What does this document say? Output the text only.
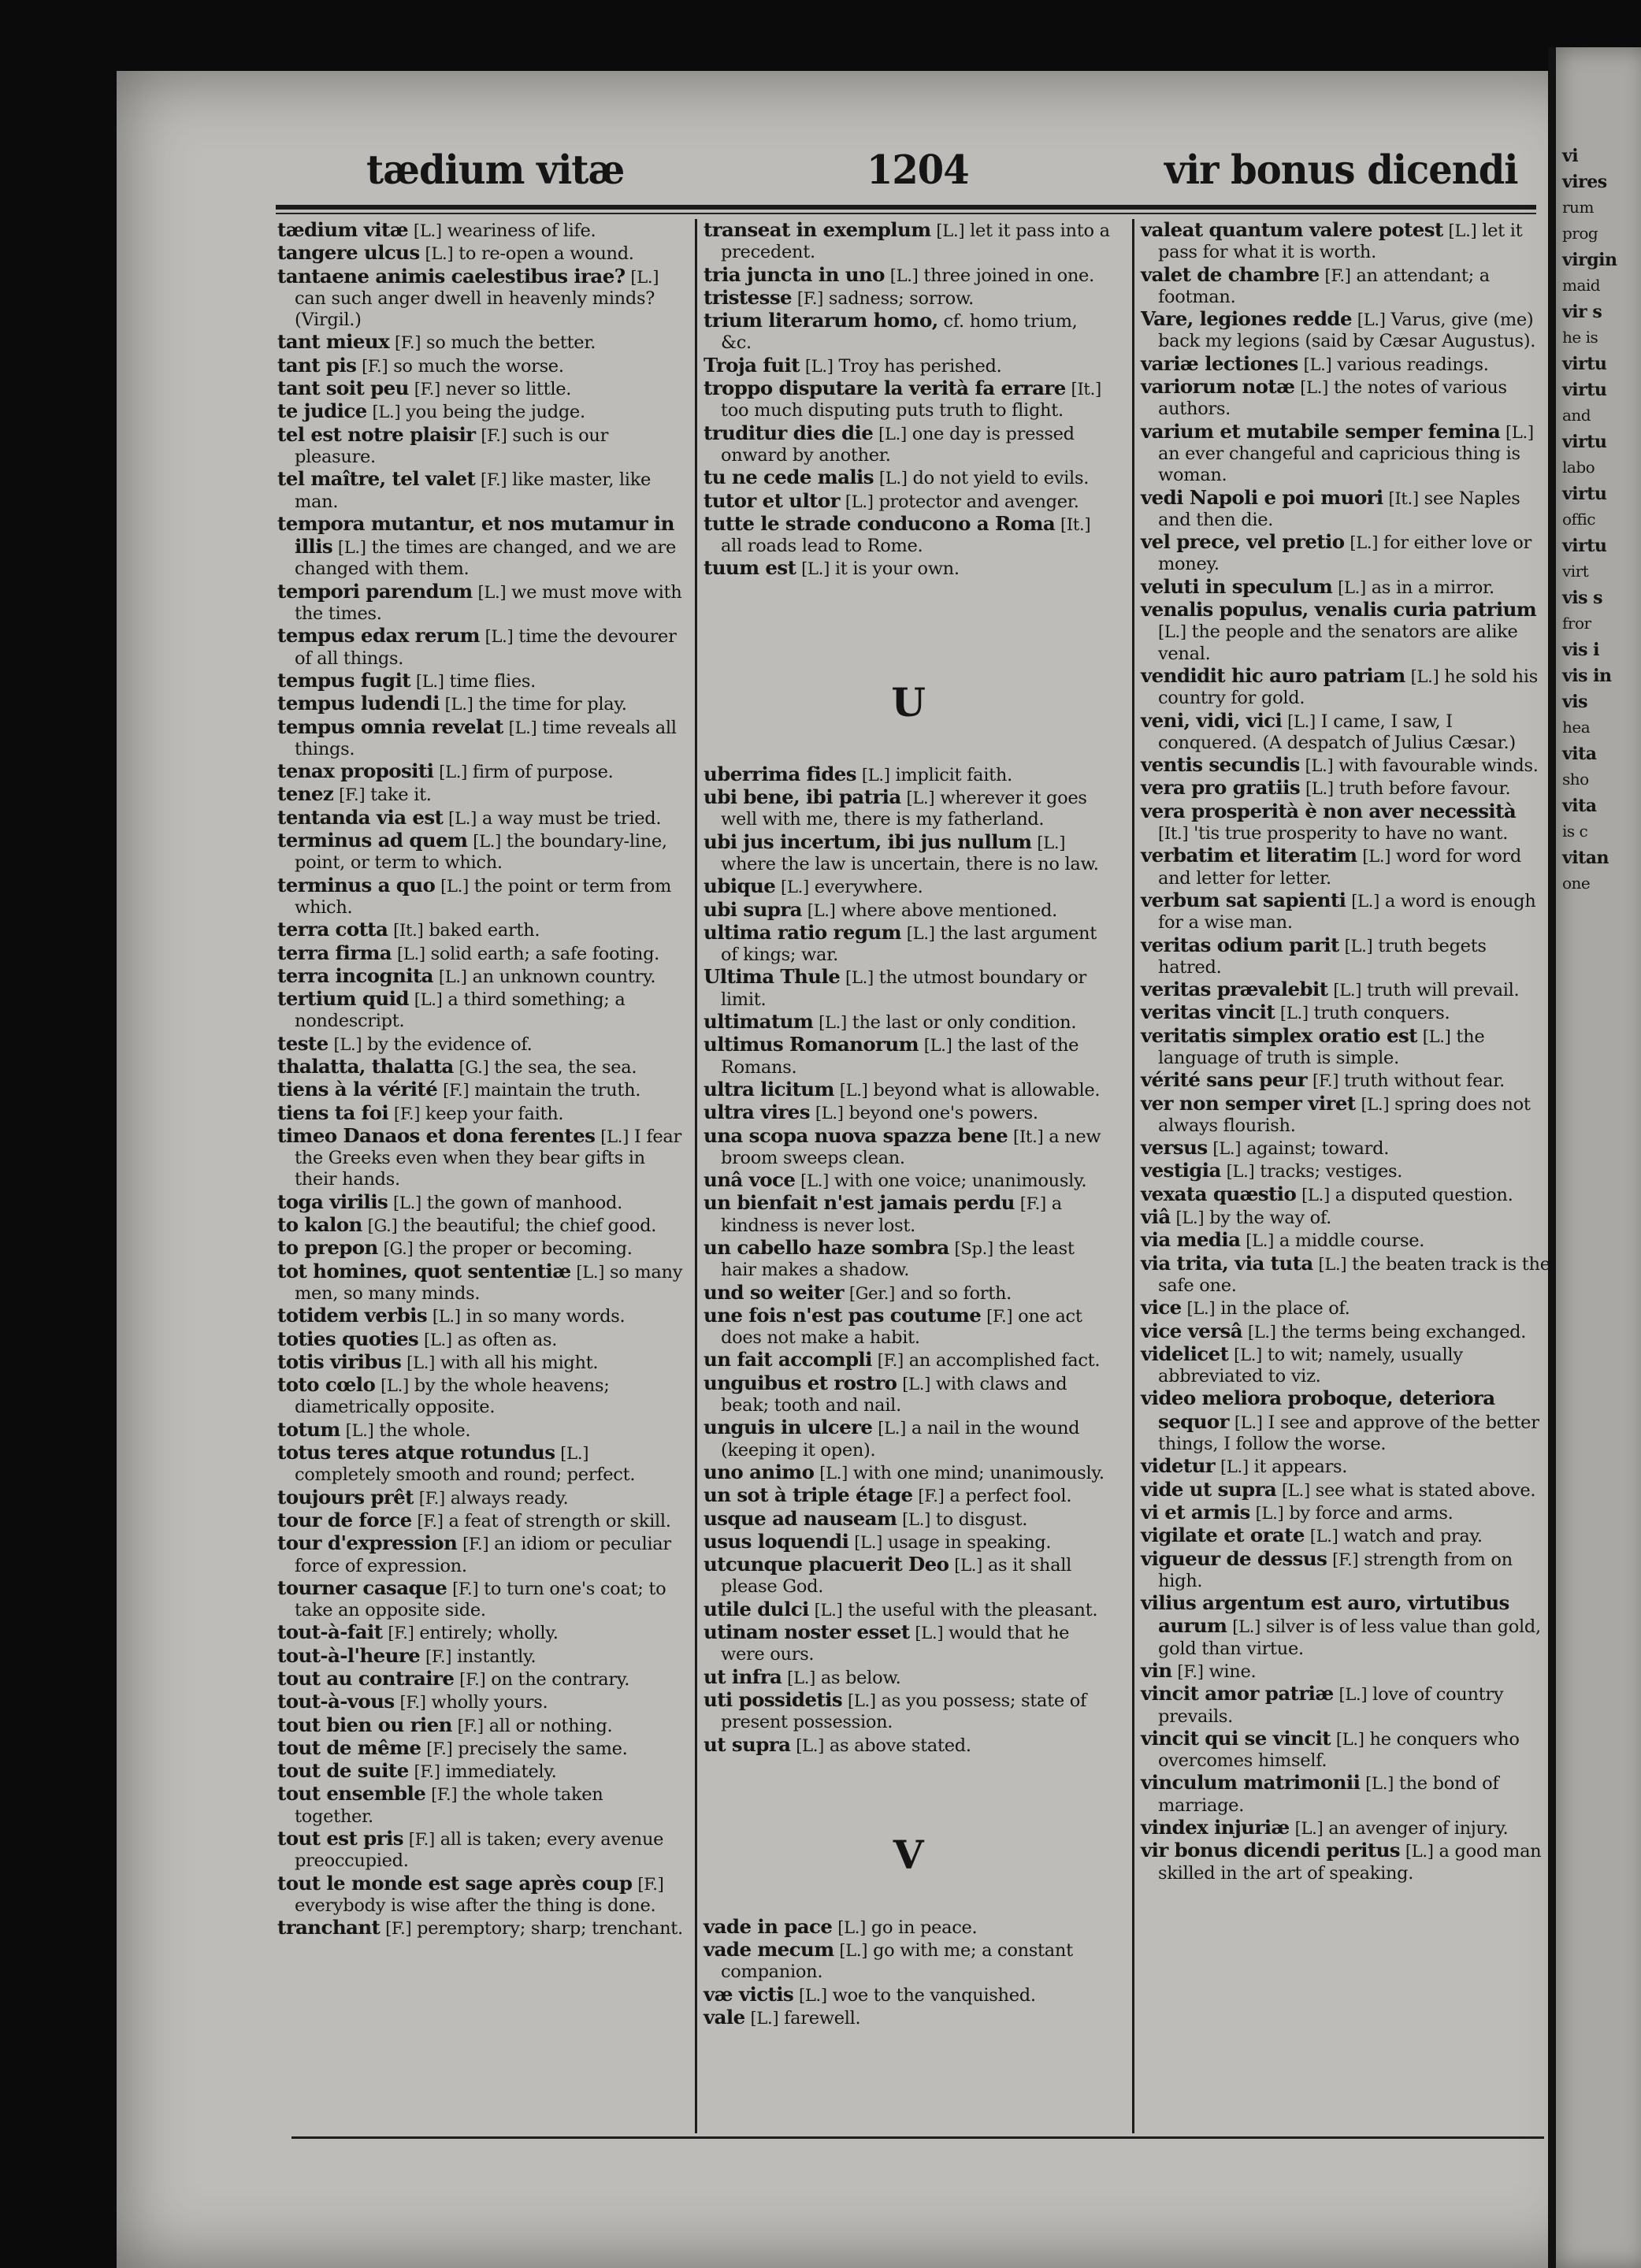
vi
vires
rum
prog
virgin
maid
vir s
he is
virtu
virtu
and
virtu
labo
virtu
offic
virtu
virt
vis s
fror
vis i
vis in
vis
hea
vita
sho
vita
is c
vitan
one
tædium vitæ	1204	vir bonus dicendi
tædium vitæ [L.] weariness of life.
tangere ulcus [L.] to re-open a wound.
tantaene animis caelestibus irae? [L.] can such anger dwell in heavenly minds? (Virgil.)
tant mieux [F.] so much the better.
tant pis [F.] so much the worse.
tant soit peu [F.] never so little.
te judice [L.] you being the judge.
tel est notre plaisir [F.] such is our pleasure.
tel maître, tel valet [F.] like master, like man.
tempora mutantur, et nos mutamur in illis [L.] the times are changed, and we are changed with them.
tempori parendum [L.] we must move with the times.
tempus edax rerum [L.] time the devourer of all things.
tempus fugit [L.] time flies.
tempus ludendi [L.] the time for play.
tempus omnia revelat [L.] time reveals all things.
tenax propositi [L.] firm of purpose.
tenez [F.] take it.
tentanda via est [L.] a way must be tried.
terminus ad quem [L.] the boundary-line, point, or term to which.
terminus a quo [L.] the point or term from which.
terra cotta [It.] baked earth.
terra firma [L.] solid earth; a safe footing.
terra incognita [L.] an unknown country.
tertium quid [L.] a third something; a nondescript.
teste [L.] by the evidence of.
thalatta, thalatta [G.] the sea, the sea.
tiens à la vérité [F.] maintain the truth.
tiens ta foi [F.] keep your faith.
timeo Danaos et dona ferentes [L.] I fear the Greeks even when they bear gifts in their hands.
toga virilis [L.] the gown of manhood.
to kalon [G.] the beautiful; the chief good.
to prepon [G.] the proper or becoming.
tot homines, quot sententiæ [L.] so many men, so many minds.
totidem verbis [L.] in so many words.
toties quoties [L.] as often as.
totis viribus [L.] with all his might.
toto cœlo [L.] by the whole heavens; diametrically opposite.
totum [L.] the whole.
totus teres atque rotundus [L.] completely smooth and round; perfect.
toujours prêt [F.] always ready.
tour de force [F.] a feat of strength or skill.
tour d'expression [F.] an idiom or peculiar force of expression.
tourner casaque [F.] to turn one's coat; to take an opposite side.
tout-à-fait [F.] entirely; wholly.
tout-à-l'heure [F.] instantly.
tout au contraire [F.] on the contrary.
tout-à-vous [F.] wholly yours.
tout bien ou rien [F.] all or nothing.
tout de même [F.] precisely the same.
tout de suite [F.] immediately.
tout ensemble [F.] the whole taken together.
tout est pris [F.] all is taken; every avenue preoccupied.
tout le monde est sage après coup [F.] everybody is wise after the thing is done.
tranchant [F.] peremptory; sharp; trenchant.
transeat in exemplum [L.] let it pass into a precedent.
tria juncta in uno [L.] three joined in one.
tristesse [F.] sadness; sorrow.
trium literarum homo, cf. homo trium, &c.
Troja fuit [L.] Troy has perished.
troppo disputare la verità fa errare [It.] too much disputing puts truth to flight.
truditur dies die [L.] one day is pressed onward by another.
tu ne cede malis [L.] do not yield to evils.
tutor et ultor [L.] protector and avenger.
tutte le strade conducono a Roma [It.] all roads lead to Rome.
tuum est [L.] it is your own.
U
uberrima fides [L.] implicit faith.
ubi bene, ibi patria [L.] wherever it goes well with me, there is my fatherland.
ubi jus incertum, ibi jus nullum [L.] where the law is uncertain, there is no law.
ubique [L.] everywhere.
ubi supra [L.] where above mentioned.
ultima ratio regum [L.] the last argument of kings; war.
Ultima Thule [L.] the utmost boundary or limit.
ultimatum [L.] the last or only condition.
ultimus Romanorum [L.] the last of the Romans.
ultra licitum [L.] beyond what is allowable.
ultra vires [L.] beyond one's powers.
una scopa nuova spazza bene [It.] a new broom sweeps clean.
unâ voce [L.] with one voice; unanimously.
un bienfait n'est jamais perdu [F.] a kindness is never lost.
un cabello haze sombra [Sp.] the least hair makes a shadow.
und so weiter [Ger.] and so forth.
une fois n'est pas coutume [F.] one act does not make a habit.
un fait accompli [F.] an accomplished fact.
unguibus et rostro [L.] with claws and beak; tooth and nail.
unguis in ulcere [L.] a nail in the wound (keeping it open).
uno animo [L.] with one mind; unanimously.
un sot à triple étage [F.] a perfect fool.
usque ad nauseam [L.] to disgust.
usus loquendi [L.] usage in speaking.
utcunque placuerit Deo [L.] as it shall please God.
utile dulci [L.] the useful with the pleasant.
utinam noster esset [L.] would that he were ours.
ut infra [L.] as below.
uti possidetis [L.] as you possess; state of present possession.
ut supra [L.] as above stated.
V
vade in pace [L.] go in peace.
vade mecum [L.] go with me; a constant companion.
væ victis [L.] woe to the vanquished.
vale [L.] farewell.
valeat quantum valere potest [L.] let it pass for what it is worth.
valet de chambre [F.] an attendant; a footman.
Vare, legiones redde [L.] Varus, give (me) back my legions (said by Cæsar Augustus).
variæ lectiones [L.] various readings.
variorum notæ [L.] the notes of various authors.
varium et mutabile semper femina [L.] an ever changeful and capricious thing is woman.
vedi Napoli e poi muori [It.] see Naples and then die.
vel prece, vel pretio [L.] for either love or money.
veluti in speculum [L.] as in a mirror.
venalis populus, venalis curia patrium [L.] the people and the senators are alike venal.
vendidit hic auro patriam [L.] he sold his country for gold.
veni, vidi, vici [L.] I came, I saw, I conquered. (A despatch of Julius Cæsar.)
ventis secundis [L.] with favourable winds.
vera pro gratiis [L.] truth before favour.
vera prosperità è non aver necessità [It.] 'tis true prosperity to have no want.
verbatim et literatim [L.] word for word and letter for letter.
verbum sat sapienti [L.] a word is enough for a wise man.
veritas odium parit [L.] truth begets hatred.
veritas prævalebit [L.] truth will prevail.
veritas vincit [L.] truth conquers.
veritatis simplex oratio est [L.] the language of truth is simple.
vérité sans peur [F.] truth without fear.
ver non semper viret [L.] spring does not always flourish.
versus [L.] against; toward.
vestigia [L.] tracks; vestiges.
vexata quæstio [L.] a disputed question.
viâ [L.] by the way of.
via media [L.] a middle course.
via trita, via tuta [L.] the beaten track is the safe one.
vice [L.] in the place of.
vice versâ [L.] the terms being exchanged.
videlicet [L.] to wit; namely, usually abbreviated to viz.
video meliora proboque, deteriora sequor [L.] I see and approve of the better things, I follow the worse.
videtur [L.] it appears.
vide ut supra [L.] see what is stated above.
vi et armis [L.] by force and arms.
vigilate et orate [L.] watch and pray.
vigueur de dessus [F.] strength from on high.
vilius argentum est auro, virtutibus aurum [L.] silver is of less value than gold, gold than virtue.
vin [F.] wine.
vincit amor patriæ [L.] love of country prevails.
vincit qui se vincit [L.] he conquers who overcomes himself.
vinculum matrimonii [L.] the bond of marriage.
vindex injuriæ [L.] an avenger of injury.
vir bonus dicendi peritus [L.] a good man skilled in the art of speaking.
